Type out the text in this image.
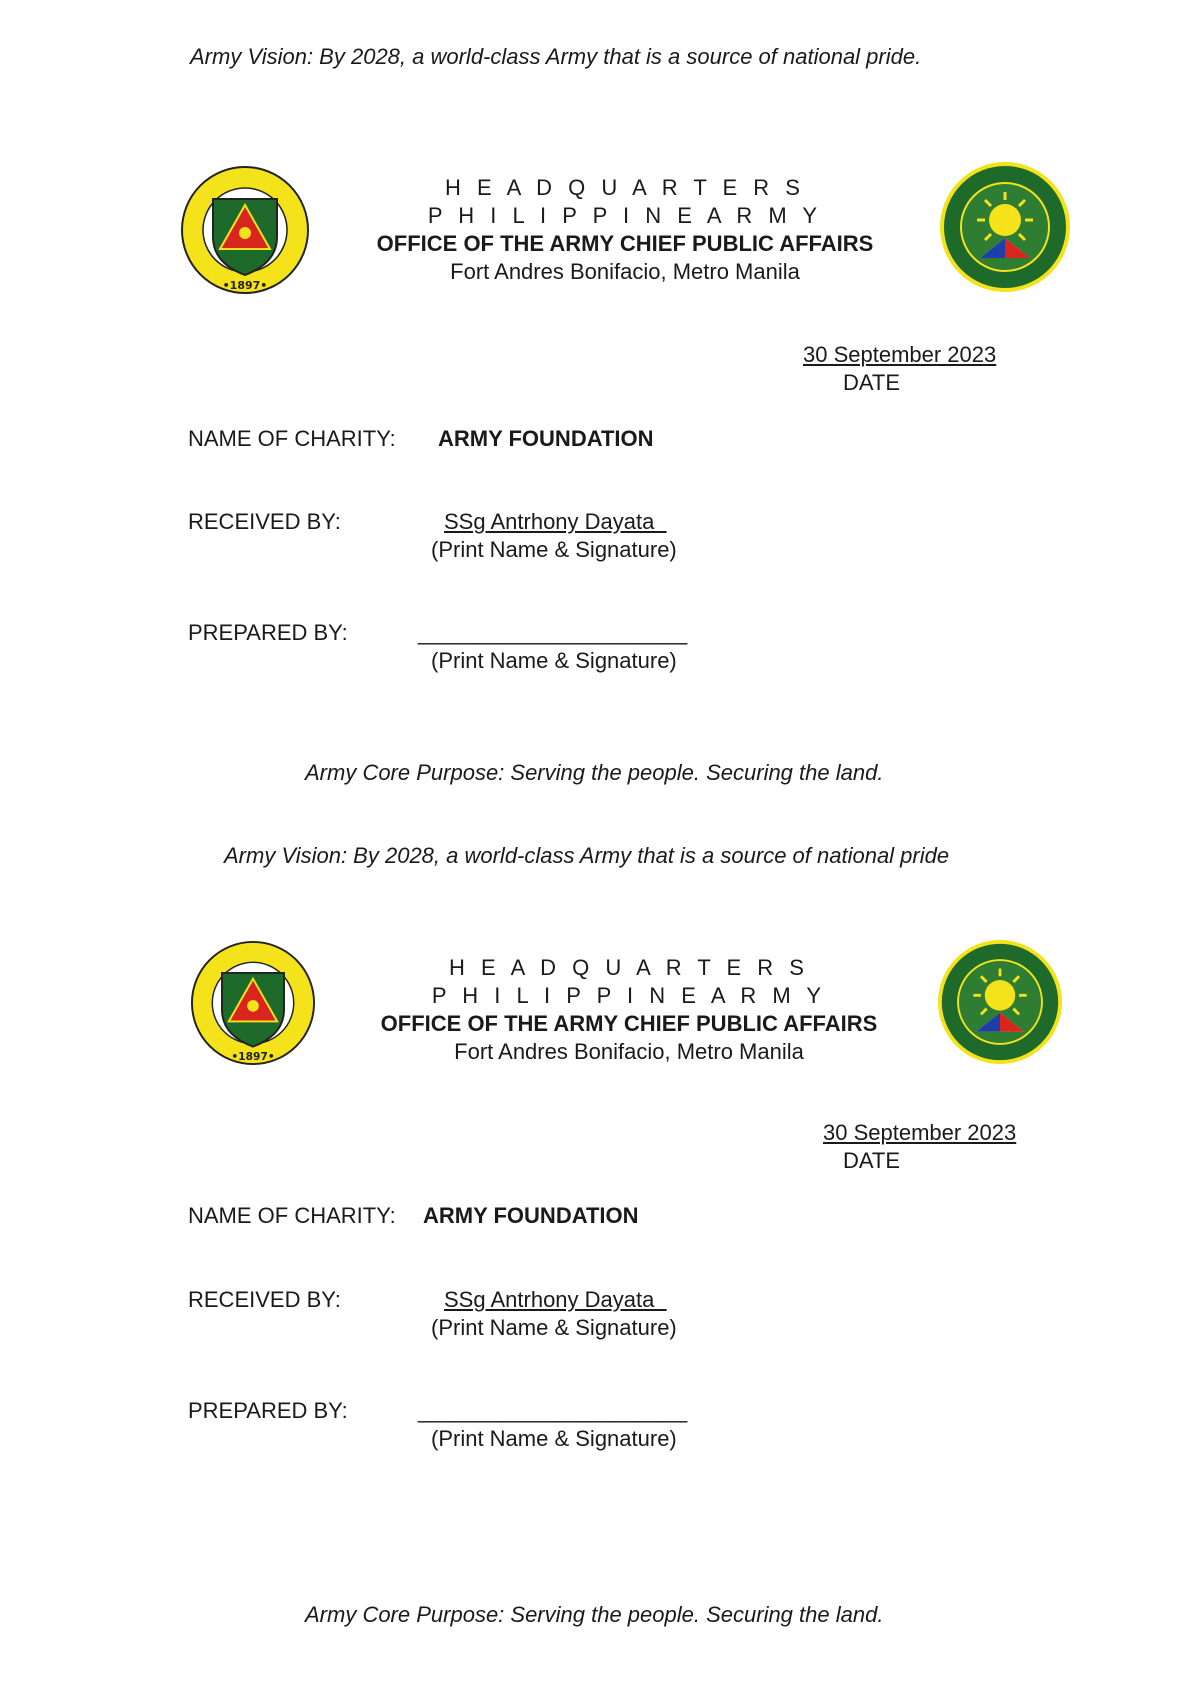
Army Vision: By 2028, a world-class Army that is a source of national pride.
•1897•
H E A D Q U A R T E R S
P H I L I P P I N E A R M Y
OFFICE OF THE ARMY CHIEF PUBLIC AFFAIRS
Fort Andres Bonifacio, Metro Manila
30 September 2023
DATE
NAME OF CHARITY: ARMY FOUNDATION
RECEIVED BY:	SSg Antrhony Dayata
(Print Name & Signature)
PREPARED BY:	______________________
(Print Name & Signature)
Army Core Purpose: Serving the people. Securing the land.
Army Vision: By 2028, a world-class Army that is a source of national pride
•1897•
H E A D Q U A R T E R S
P H I L I P P I N E A R M Y
OFFICE OF THE ARMY CHIEF PUBLIC AFFAIRS
Fort Andres Bonifacio, Metro Manila
30 September 2023
DATE
NAME OF CHARITY: ARMY FOUNDATION
RECEIVED BY:	SSg Antrhony Dayata
(Print Name & Signature)
PREPARED BY:	______________________
(Print Name & Signature)
Army Core Purpose: Serving the people. Securing the land.
